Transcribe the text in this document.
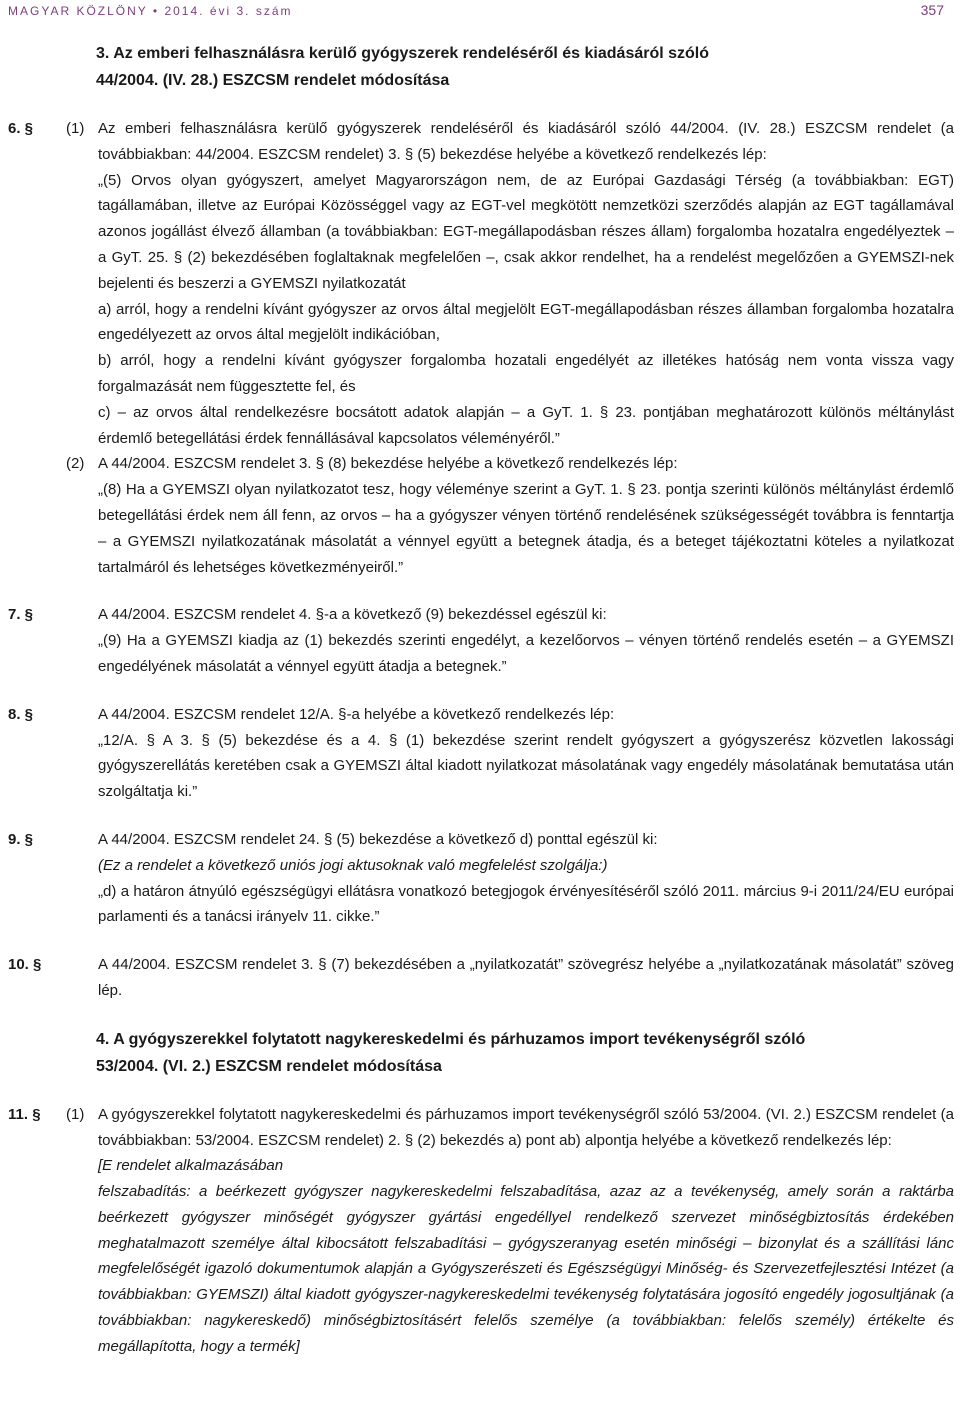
MAGYAR KÖZLÖNY • 2014. évi 3. szám	357
3. Az emberi felhasználásra kerülő gyógyszerek rendeléséről és kiadásáról szóló
44/2004. (IV. 28.) ESZCSM rendelet módosítása
6. § (1) Az emberi felhasználásra kerülő gyógyszerek rendeléséről és kiadásáról szóló 44/2004. (IV. 28.) ESZCSM rendelet (a továbbiakban: 44/2004. ESZCSM rendelet) 3. § (5) bekezdése helyébe a következő rendelkezés lép:
„(5) Orvos olyan gyógyszert, amelyet Magyarországon nem, de az Európai Gazdasági Térség (a továbbiakban: EGT) tagállamában, illetve az Európai Közösséggel vagy az EGT-vel megkötött nemzetközi szerződés alapján az EGT tagállamával azonos jogállást élvező államban (a továbbiakban: EGT-megállapodásban részes állam) forgalomba hozatalra engedélyeztek – a GyT. 25. § (2) bekezdésében foglaltaknak megfelelően –, csak akkor rendelhet, ha a rendelést megelőzően a GYEMSZI-nek bejelenti és beszerzi a GYEMSZI nyilatkozatát
a) arról, hogy a rendelni kívánt gyógyszer az orvos által megjelölt EGT-megállapodásban részes államban forgalomba hozatalra engedélyezett az orvos által megjelölt indikációban,
b) arról, hogy a rendelni kívánt gyógyszer forgalomba hozatali engedélyét az illetékes hatóság nem vonta vissza vagy forgalmazását nem függesztette fel, és
c) – az orvos által rendelkezésre bocsátott adatok alapján – a GyT. 1. § 23. pontjában meghatározott különös méltánylást érdemlő betegellátási érdek fennállásával kapcsolatos véleményéről.”
(2) A 44/2004. ESZCSM rendelet 3. § (8) bekezdése helyébe a következő rendelkezés lép:
„(8) Ha a GYEMSZI olyan nyilatkozatot tesz, hogy véleménye szerint a GyT. 1. § 23. pontja szerinti különös méltánylást érdemlő betegellátási érdek nem áll fenn, az orvos – ha a gyógyszer vényen történő rendelésének szükségességét továbbra is fenntartja – a GYEMSZI nyilatkozatának másolatát a vénnyel együtt a betegnek átadja, és a beteget tájékoztatni köteles a nyilatkozat tartalmáról és lehetséges következményeiről.”
7. §	A 44/2004. ESZCSM rendelet 4. §-a a következő (9) bekezdéssel egészül ki:
„(9) Ha a GYEMSZI kiadja az (1) bekezdés szerinti engedélyt, a kezelőorvos – vényen történő rendelés esetén – a GYEMSZI engedélyének másolatát a vénnyel együtt átadja a betegnek.”
8. §	A 44/2004. ESZCSM rendelet 12/A. §-a helyébe a következő rendelkezés lép:
„12/A. § A 3. § (5) bekezdése és a 4. § (1) bekezdése szerint rendelt gyógyszert a gyógyszerész közvetlen lakossági gyógyszerellátás keretében csak a GYEMSZI által kiadott nyilatkozat másolatának vagy engedély másolatának bemutatása után szolgáltatja ki.”
9. §	A 44/2004. ESZCSM rendelet 24. § (5) bekezdése a következő d) ponttal egészül ki:
(Ez a rendelet a következő uniós jogi aktusoknak való megfelelést szolgálja:)
„d) a határon átnyúló egészségügyi ellátásra vonatkozó betegjogok érvényesítéséről szóló 2011. március 9-i 2011/24/EU európai parlamenti és a tanácsi irányelv 11. cikke.”
10. §	A 44/2004. ESZCSM rendelet 3. § (7) bekezdésében a „nyilatkozatát” szövegrész helyébe a „nyilatkozatának másolatát” szöveg lép.
4. A gyógyszerekkel folytatott nagykereskedelmi és párhuzamos import tevékenységről szóló
53/2004. (VI. 2.) ESZCSM rendelet módosítása
11. § (1) A gyógyszerekkel folytatott nagykereskedelmi és párhuzamos import tevékenységről szóló 53/2004. (VI. 2.) ESZCSM rendelet (a továbbiakban: 53/2004. ESZCSM rendelet) 2. § (2) bekezdés a) pont ab) alpontja helyébe a következő rendelkezés lép:
[E rendelet alkalmazásában
felszabadítás: a beérkezett gyógyszer nagykereskedelmi felszabadítása, azaz az a tevékenység, amely során a raktárba beérkezett gyógyszer minőségét gyógyszer gyártási engedéllyel rendelkező szervezet minőségbiztosítás érdekében meghatalmazott személye által kibocsátott felszabadítási – gyógyszeranyag esetén minőségi – bizonylat és a szállítási lánc megfelelőségét igazoló dokumentumok alapján a Gyógyszerészeti és Egészségügyi Minőség- és Szervezetfejlesztési Intézet (a továbbiakban: GYEMSZI) által kiadott gyógyszer-nagykereskedelmi tevékenység folytatására jogosító engedély jogosultjának (a továbbiakban: nagykereskedő) minőségbiztosításért felelős személye (a továbbiakban: felelős személy) értékelte és megállapította, hogy a termék]
